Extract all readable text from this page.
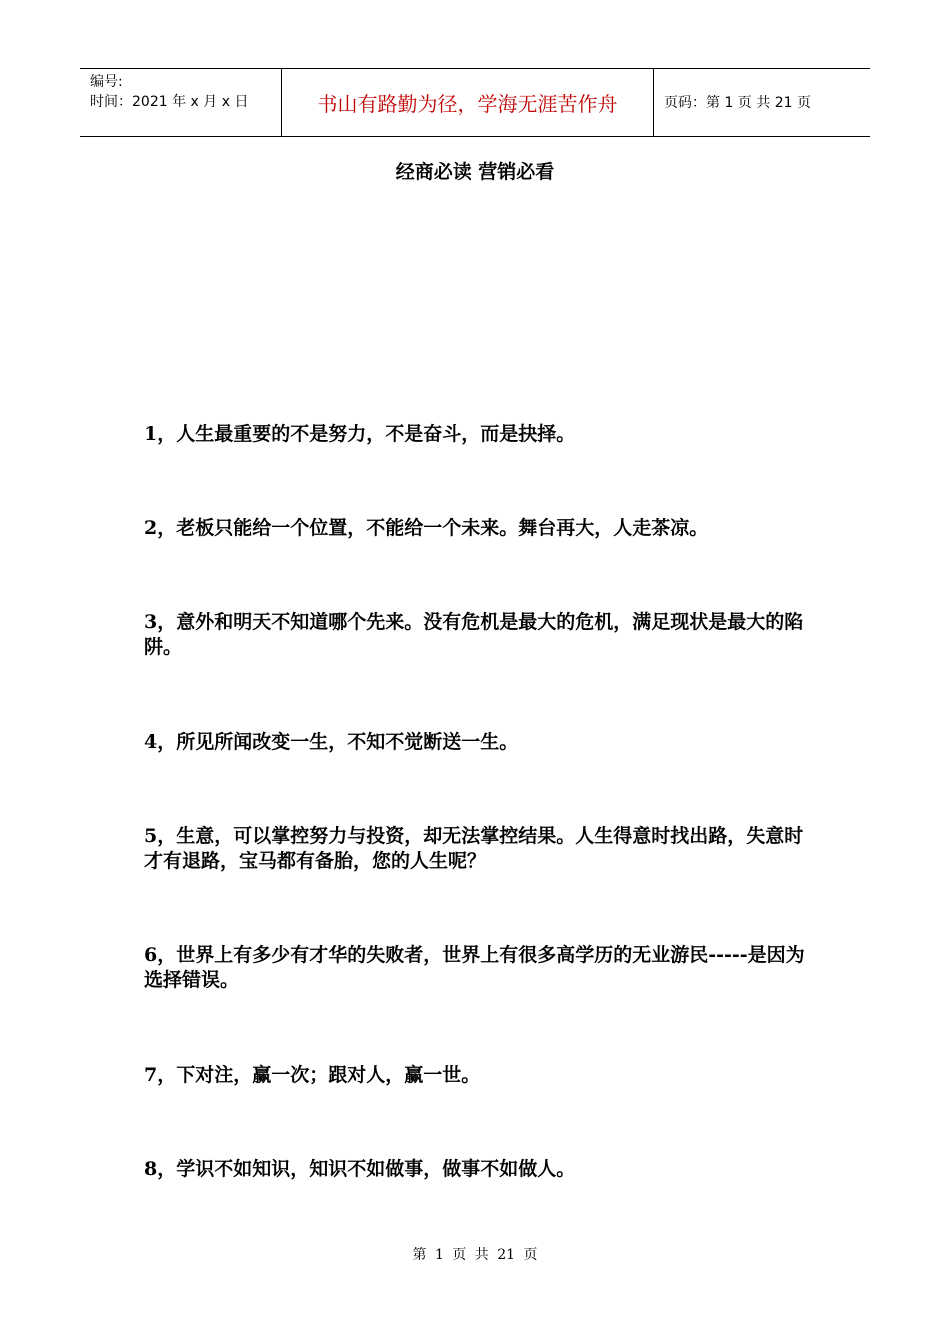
编号:
时间：2021 年 x 月 x 日	书山有路勤为径，学海无涯苦作舟	页码：第 1 页 共 21 页
经商必读 营销必看
1，人生最重要的不是努力，不是奋斗，而是抉择。
2，老板只能给一个位置，不能给一个未来。舞台再大，人走茶凉。
3，意外和明天不知道哪个先来。没有危机是最大的危机，满足现状是最大的陷阱。
4，所见所闻改变一生，不知不觉断送一生。
5，生意，可以掌控努力与投资，却无法掌控结果。人生得意时找出路，失意时才有退路，宝马都有备胎，您的人生呢？
6，世界上有多少有才华的失败者，世界上有很多高学历的无业游民-----是因为选择错误。
7，下对注，赢一次；跟对人，赢一世。
8，学识不如知识，知识不如做事，做事不如做人。
第 1 页 共 21 页
